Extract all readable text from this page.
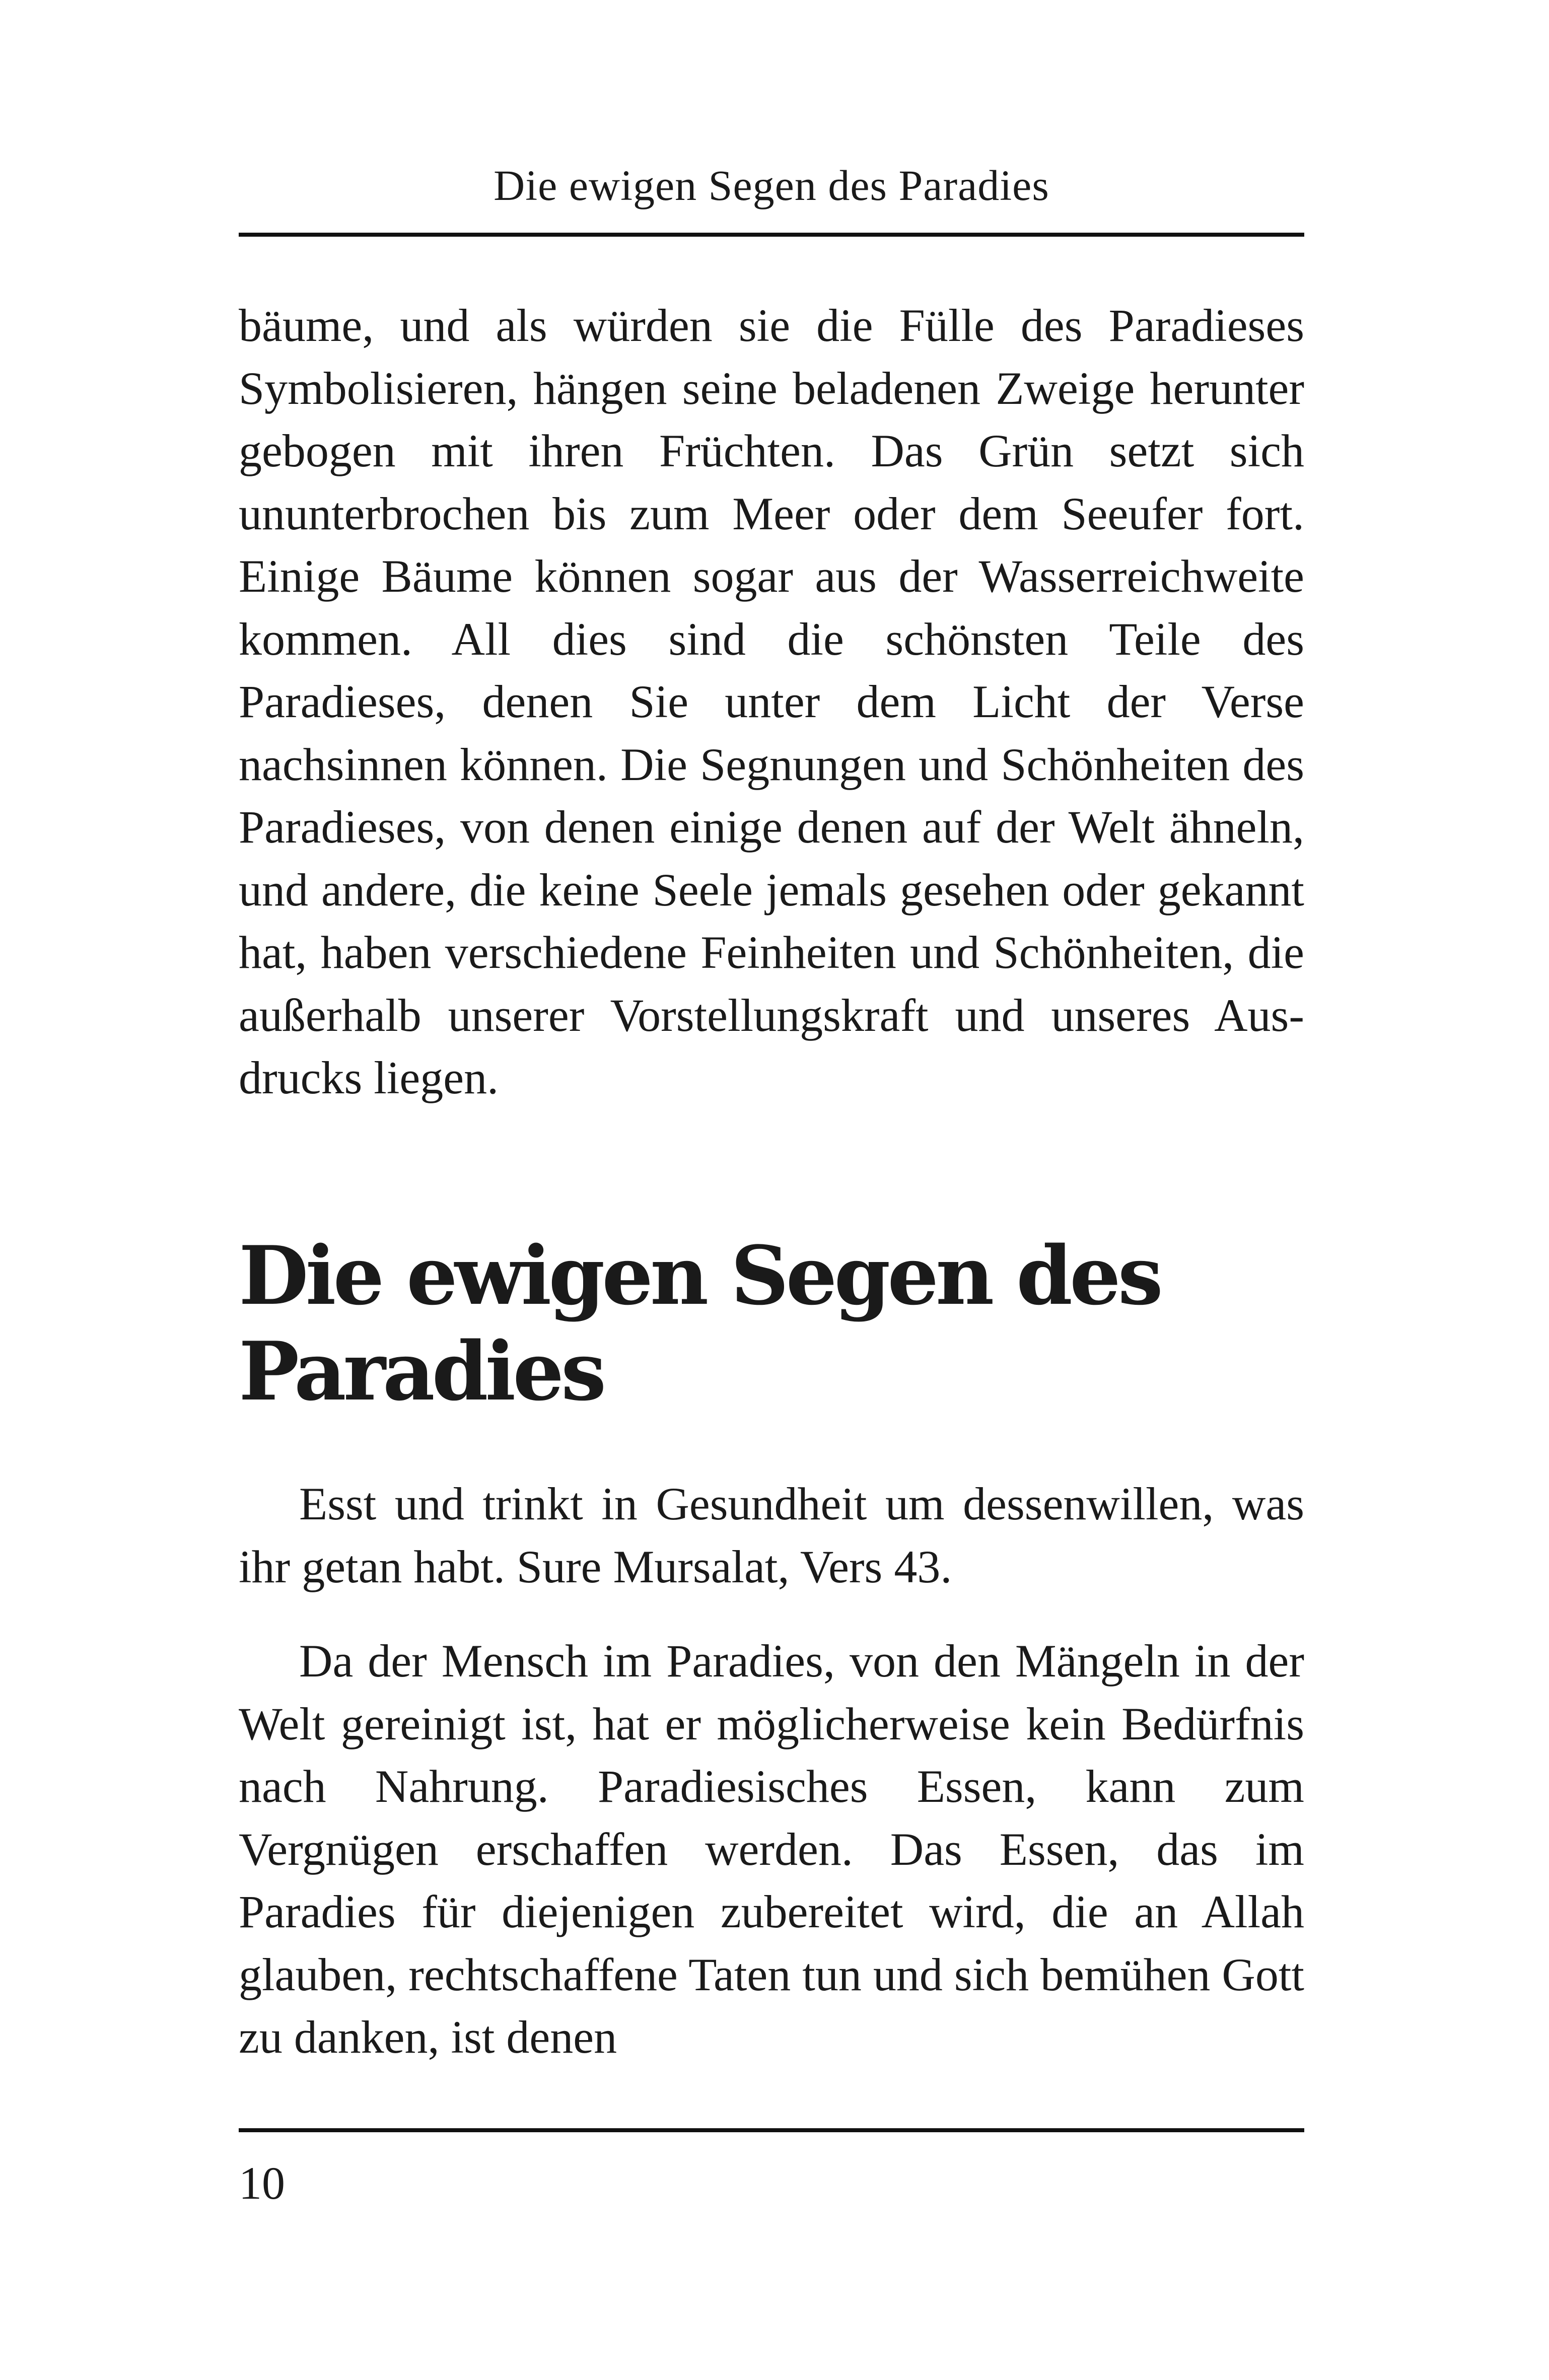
Die ewigen Segen des Paradies

bäume, und als würden sie die Fülle des Paradieses Symbolisieren, hängen seine beladenen Zweige herunter gebogen mit ihren Früchten. Das Grün setzt sich ununterbrochen bis zum Meer oder dem Seeufer fort. Einige Bäume können sogar aus der Wasserreichweite kommen. All dies sind die schönsten Teile des Paradieses, denen Sie unter dem Licht der Verse nachsinnen können. Die Segnungen und Schönheiten des Paradieses, von denen einige denen auf der Welt ähneln, und andere, die keine Seele jemals gesehen oder gekannt hat, haben verschiedene Feinheiten und Schönheiten, die außerhalb unserer Vorstellungskraft und unseres Ausdrucks liegen.

Die ewigen Segen des Paradies

Esst und trinkt in Gesundheit um dessenwillen, was ihr getan habt. Sure Mursalat, Vers 43.

Da der Mensch im Paradies, von den Mängeln in der Welt gereinigt ist, hat er möglicherweise kein Bedürfnis nach Nahrung. Paradiesisches Essen, kann zum Vergnügen erschaffen werden. Das Essen, das im Paradies für diejenigen zubereitet wird, die an Allah glauben, rechtschaffene Taten tun und sich bemühen Gott zu danken, ist denen

10
